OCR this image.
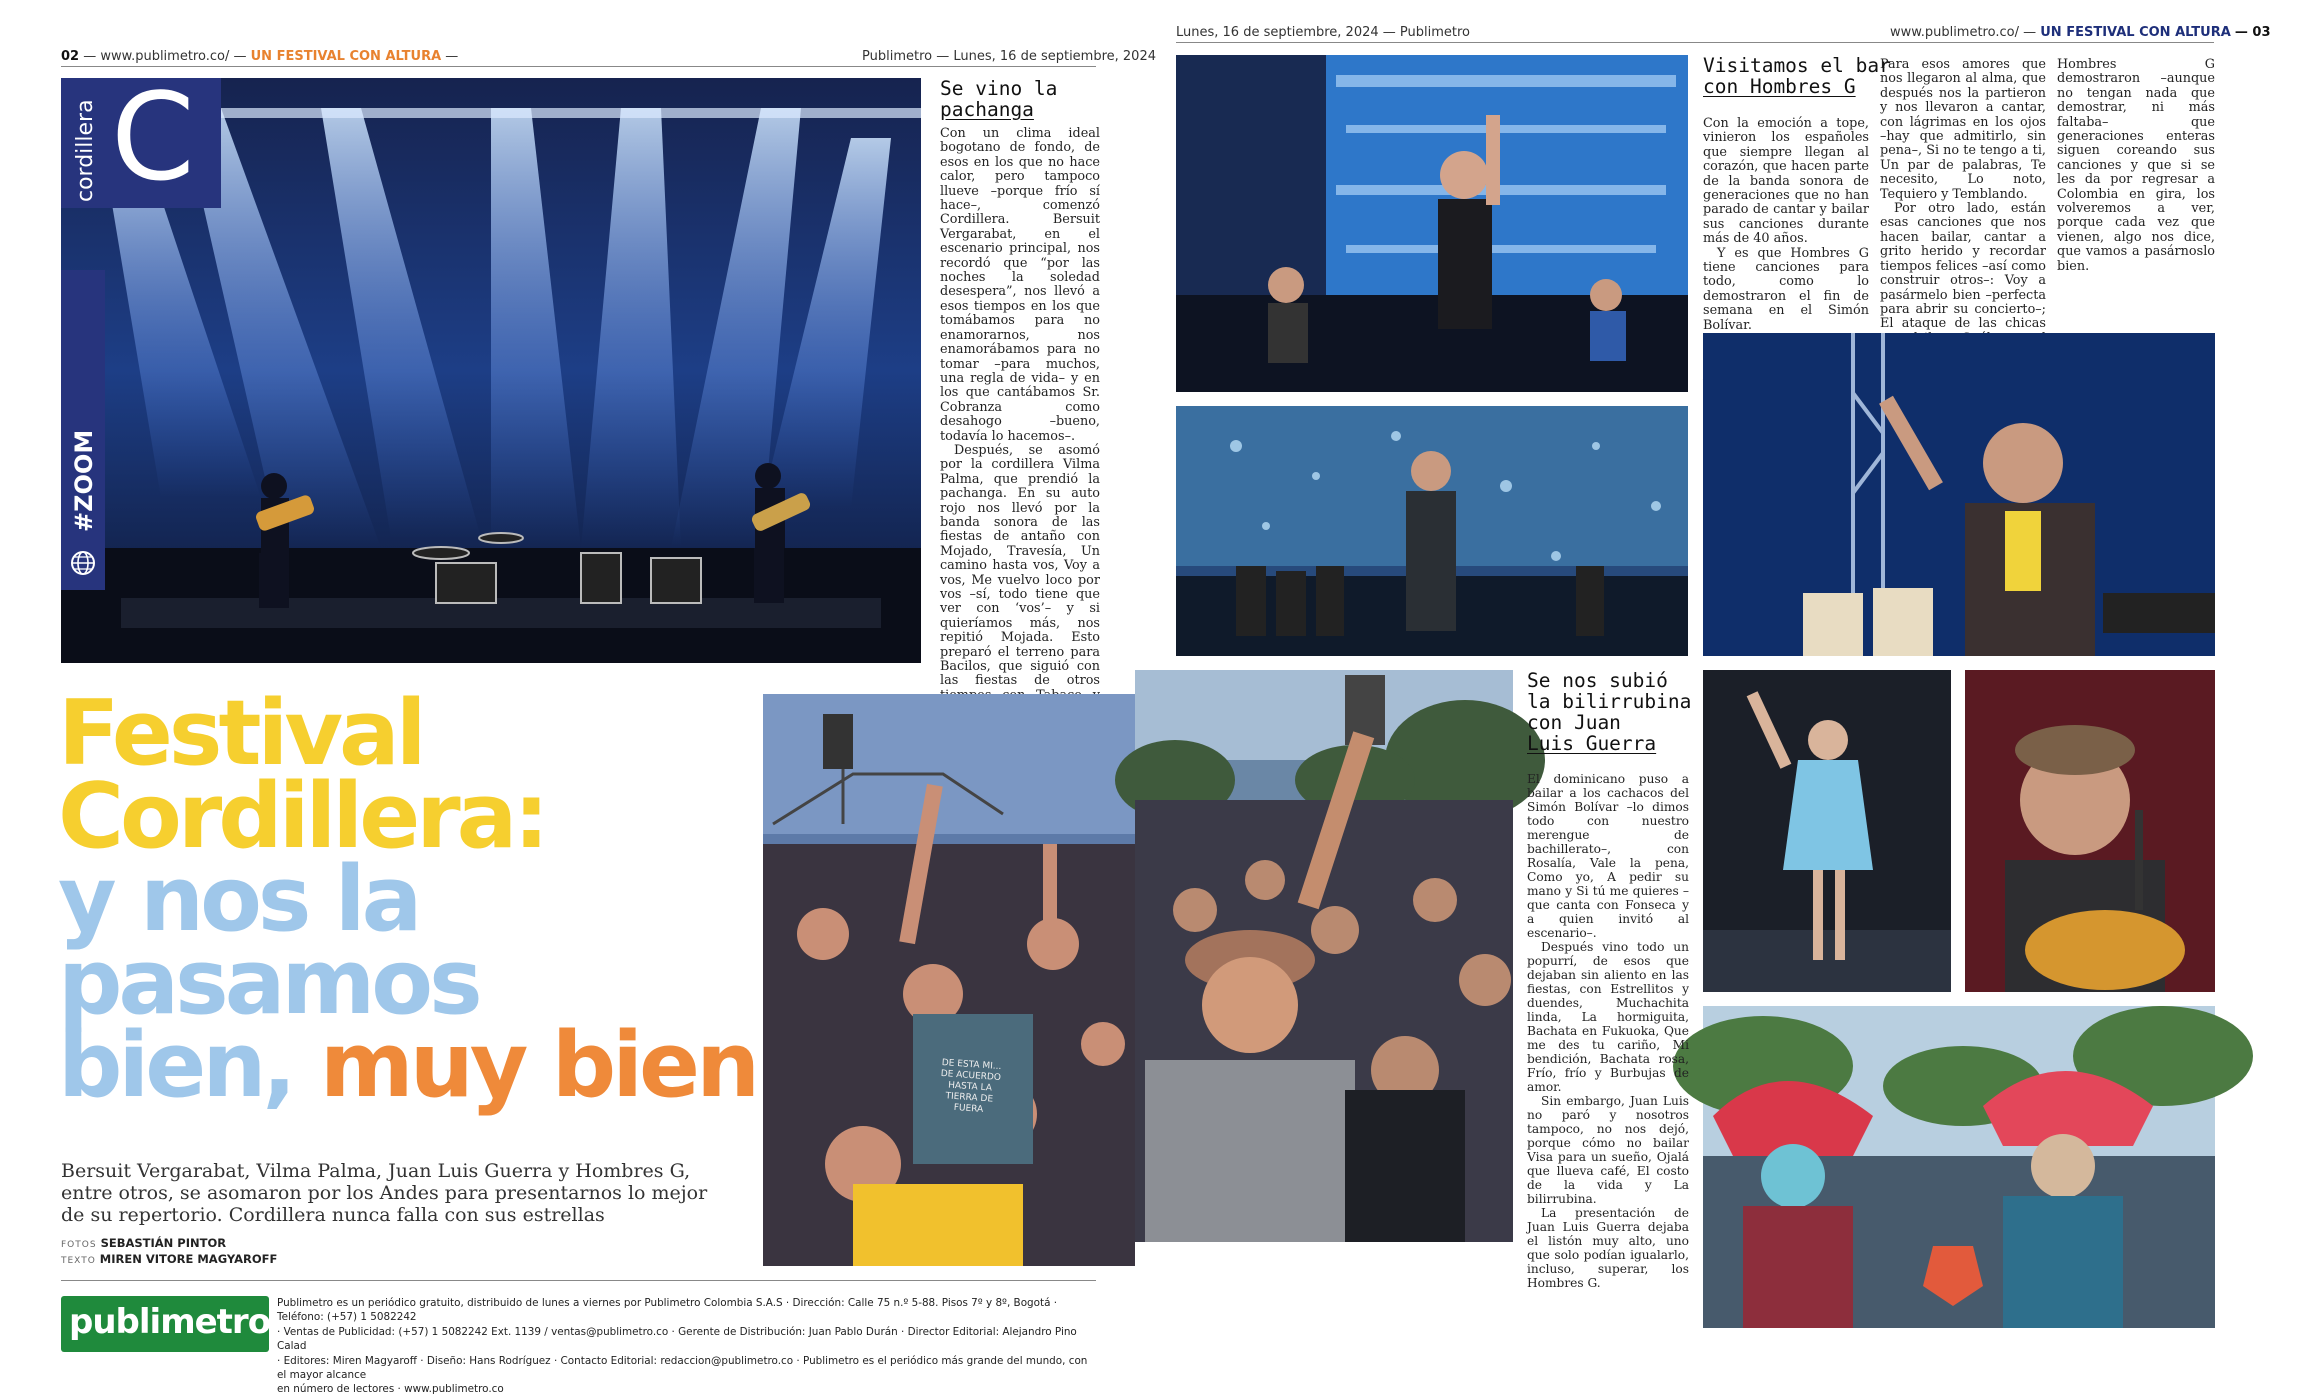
02 — www.publimetro.co/ — UN FESTIVAL CON ALTURA —	Publimetro — Lunes, 16 de septiembre, 2024
cordillera C
#ZOOM
Se vino la
pachanga

Con un clima ideal bogotano de fondo, de esos en los que no hace calor, pero tampoco llueve –porque frío sí hace–, comenzó Cordillera. Bersuit Vergarabat, en el escenario principal, nos recordó que “por las noches la soledad desespera”, nos llevó a esos tiempos en los que tomábamos para no enamorarnos, nos enamorábamos para no tomar –para muchos, una regla de vida– y en los que cantábamos Sr. Cobranza como desahogo –bueno, todavía lo hacemos–.

Después, se asomó por la cordillera Vilma Palma, que prendió la pachanga. En su auto rojo nos llevó por la banda sonora de las fiestas de antaño con Mojado, Travesía, Un camino hasta vos, Voy a vos, Me vuelvo loco por vos –sí, todo tiene que ver con ‘vos’– y si quieríamos más, nos repitió Mojada. Esto preparó el terreno para Bacilos, que siguió con las fiestas de otros

Festival
Cordillera:
y nos la
pasamos
bien, muy bien
Bersuit Vergarabat, Vilma Palma, Juan Luis Guerra y Hombres G, entre otros, se asomaron por los Andes para presentarnos lo mejor de su repertorio. Cordillera nunca falla con sus estrellas
FOTOS SEBASTIÁN PINTOR
TEXTO MIREN VITORE MAGYAROFF
publimetro Publimetro es un periódico gratuito, distribuido de lunes a viernes por Publimetro Colombia S.A.S · Dirección: Calle 75 n.º 5-88. Pisos 7º y 8º, Bogotá · Teléfono: (+57) 1 5082242
· Ventas de Publicidad: (+57) 1 5082242 Ext. 1139 / ventas@publimetro.co · Gerente de Distribución: Juan Pablo Durán · Director Editorial: Alejandro Pino Calad
· Editores: Miren Magyaroff · Diseño: Hans Rodríguez · Contacto Editorial: redaccion@publimetro.co · Publimetro es el periódico más grande del mundo, con el mayor alcance
en número de lectores · www.publimetro.co
Lunes, 16 de septiembre, 2024 — Publimetro	www.publimetro.co/ — UN FESTIVAL CON ALTURA — 03
Visitamos el bar
con Hombres G

Con la emoción a tope, vinieron los españoles que siempre llegan al corazón, que hacen parte de la banda sonora de generaciones que no han parado de cantar y bailar sus canciones durante más de 40 años.

Y es que Hombres G tiene canciones para todo, como lo demostraron el fin de semana en el Simón Bolívar.

Para esos amores que nos llegaron al alma, que después nos la partieron y nos llevaron a cantar, con lágrimas en los ojos –hay que admitirlo, sin pena–, Si no te tengo a ti, Un par de palabras, Te necesito, Lo noto, Tequiero y Temblando.

Por otro lado, están esas canciones que nos hacen bailar, cantar a grito herido y recordar tiempos felices –así como construir otros–: Voy a pasármelo bien –perfecta para abrir su concierto–; El ataque de las chicas

Hombres G demostraron –aunque no tengan nada que demostrar, ni más faltaba– que generaciones enteras siguen coreando sus canciones y que si se les da por regresar a Colombia en gira, los volveremos a ver, porque cada vez que vienen, algo nos dice, que vamos a pasárnoslo bien.

Se nos subió
la bilirrubina
con Juan
Luis Guerra

El dominicano puso a bailar a los cachacos del Simón Bolívar –lo dimos todo con nuestro merengue de bachillerato–, con Rosalía, Vale la pena, Como yo, A pedir su mano y Si tú me quieres –que canta con Fonseca y a quien invitó al escenario–.

Después vino todo un popurrí, de esos que dejaban sin aliento en las fiestas, con Estrellitos y duendes, Muchachita linda, La hormiguita, Bachata en Fukuoka, Que me des tu cariño, Mi bendición, Bachata rosa, Frío, frío y Burbujas de amor.

Sin embargo, Juan Luis no paró y nosotros tampoco, no nos dejó, porque cómo no bailar Visa para un sueño, Ojalá que llueva café, El costo de la vida y La bilirrubina.

La presentación de Juan Luis Guerra dejaba el listón muy alto, uno que solo podían igualarlo, incluso, superar, los Hombres G.

DE ESTA MI... DE ACUERDO HASTA LA TIERRA DE FUERA
